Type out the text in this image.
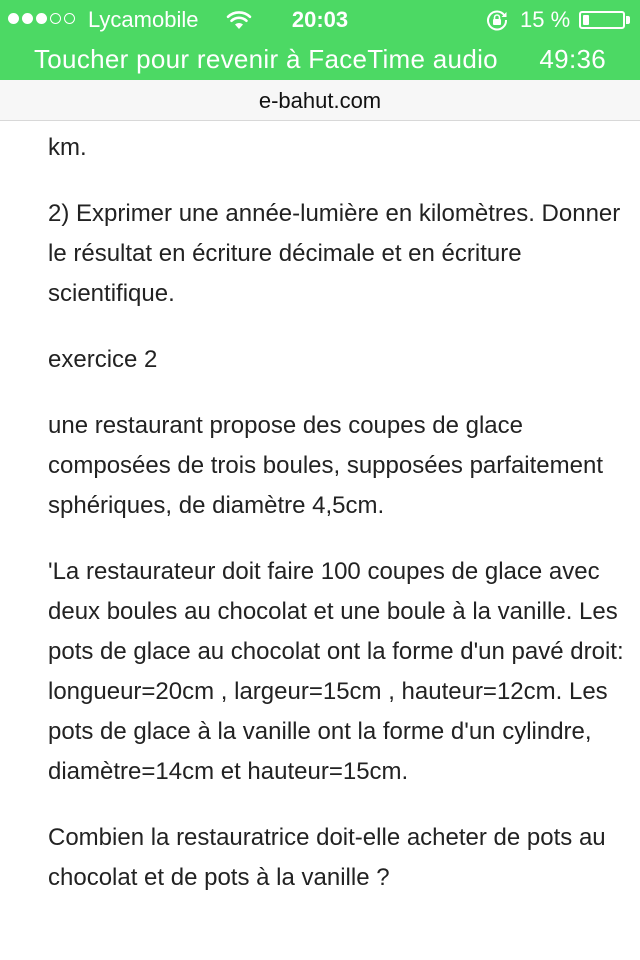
Lycamobile	20:03	15 %
Toucher pour revenir à FaceTime audio 49:36
e-bahut.com

km.

2) Exprimer une année-lumière en kilomètres. Donner le résultat en écriture décimale et en écriture scientifique.

exercice 2

une restaurant propose des coupes de glace composées de trois boules, supposées parfaitement sphériques, de diamètre 4,5cm.

'La restaurateur doit faire 100 coupes de glace avec deux boules au chocolat et une boule à la vanille. Les pots de glace au chocolat ont la forme d'un pavé droit: longueur=20cm , largeur=15cm , hauteur=12cm. Les pots de glace à la vanille ont la forme d'un cylindre, diamètre=14cm et hauteur=15cm.

Combien la restauratrice doit-elle acheter de pots au chocolat et de pots à la vanille ?
